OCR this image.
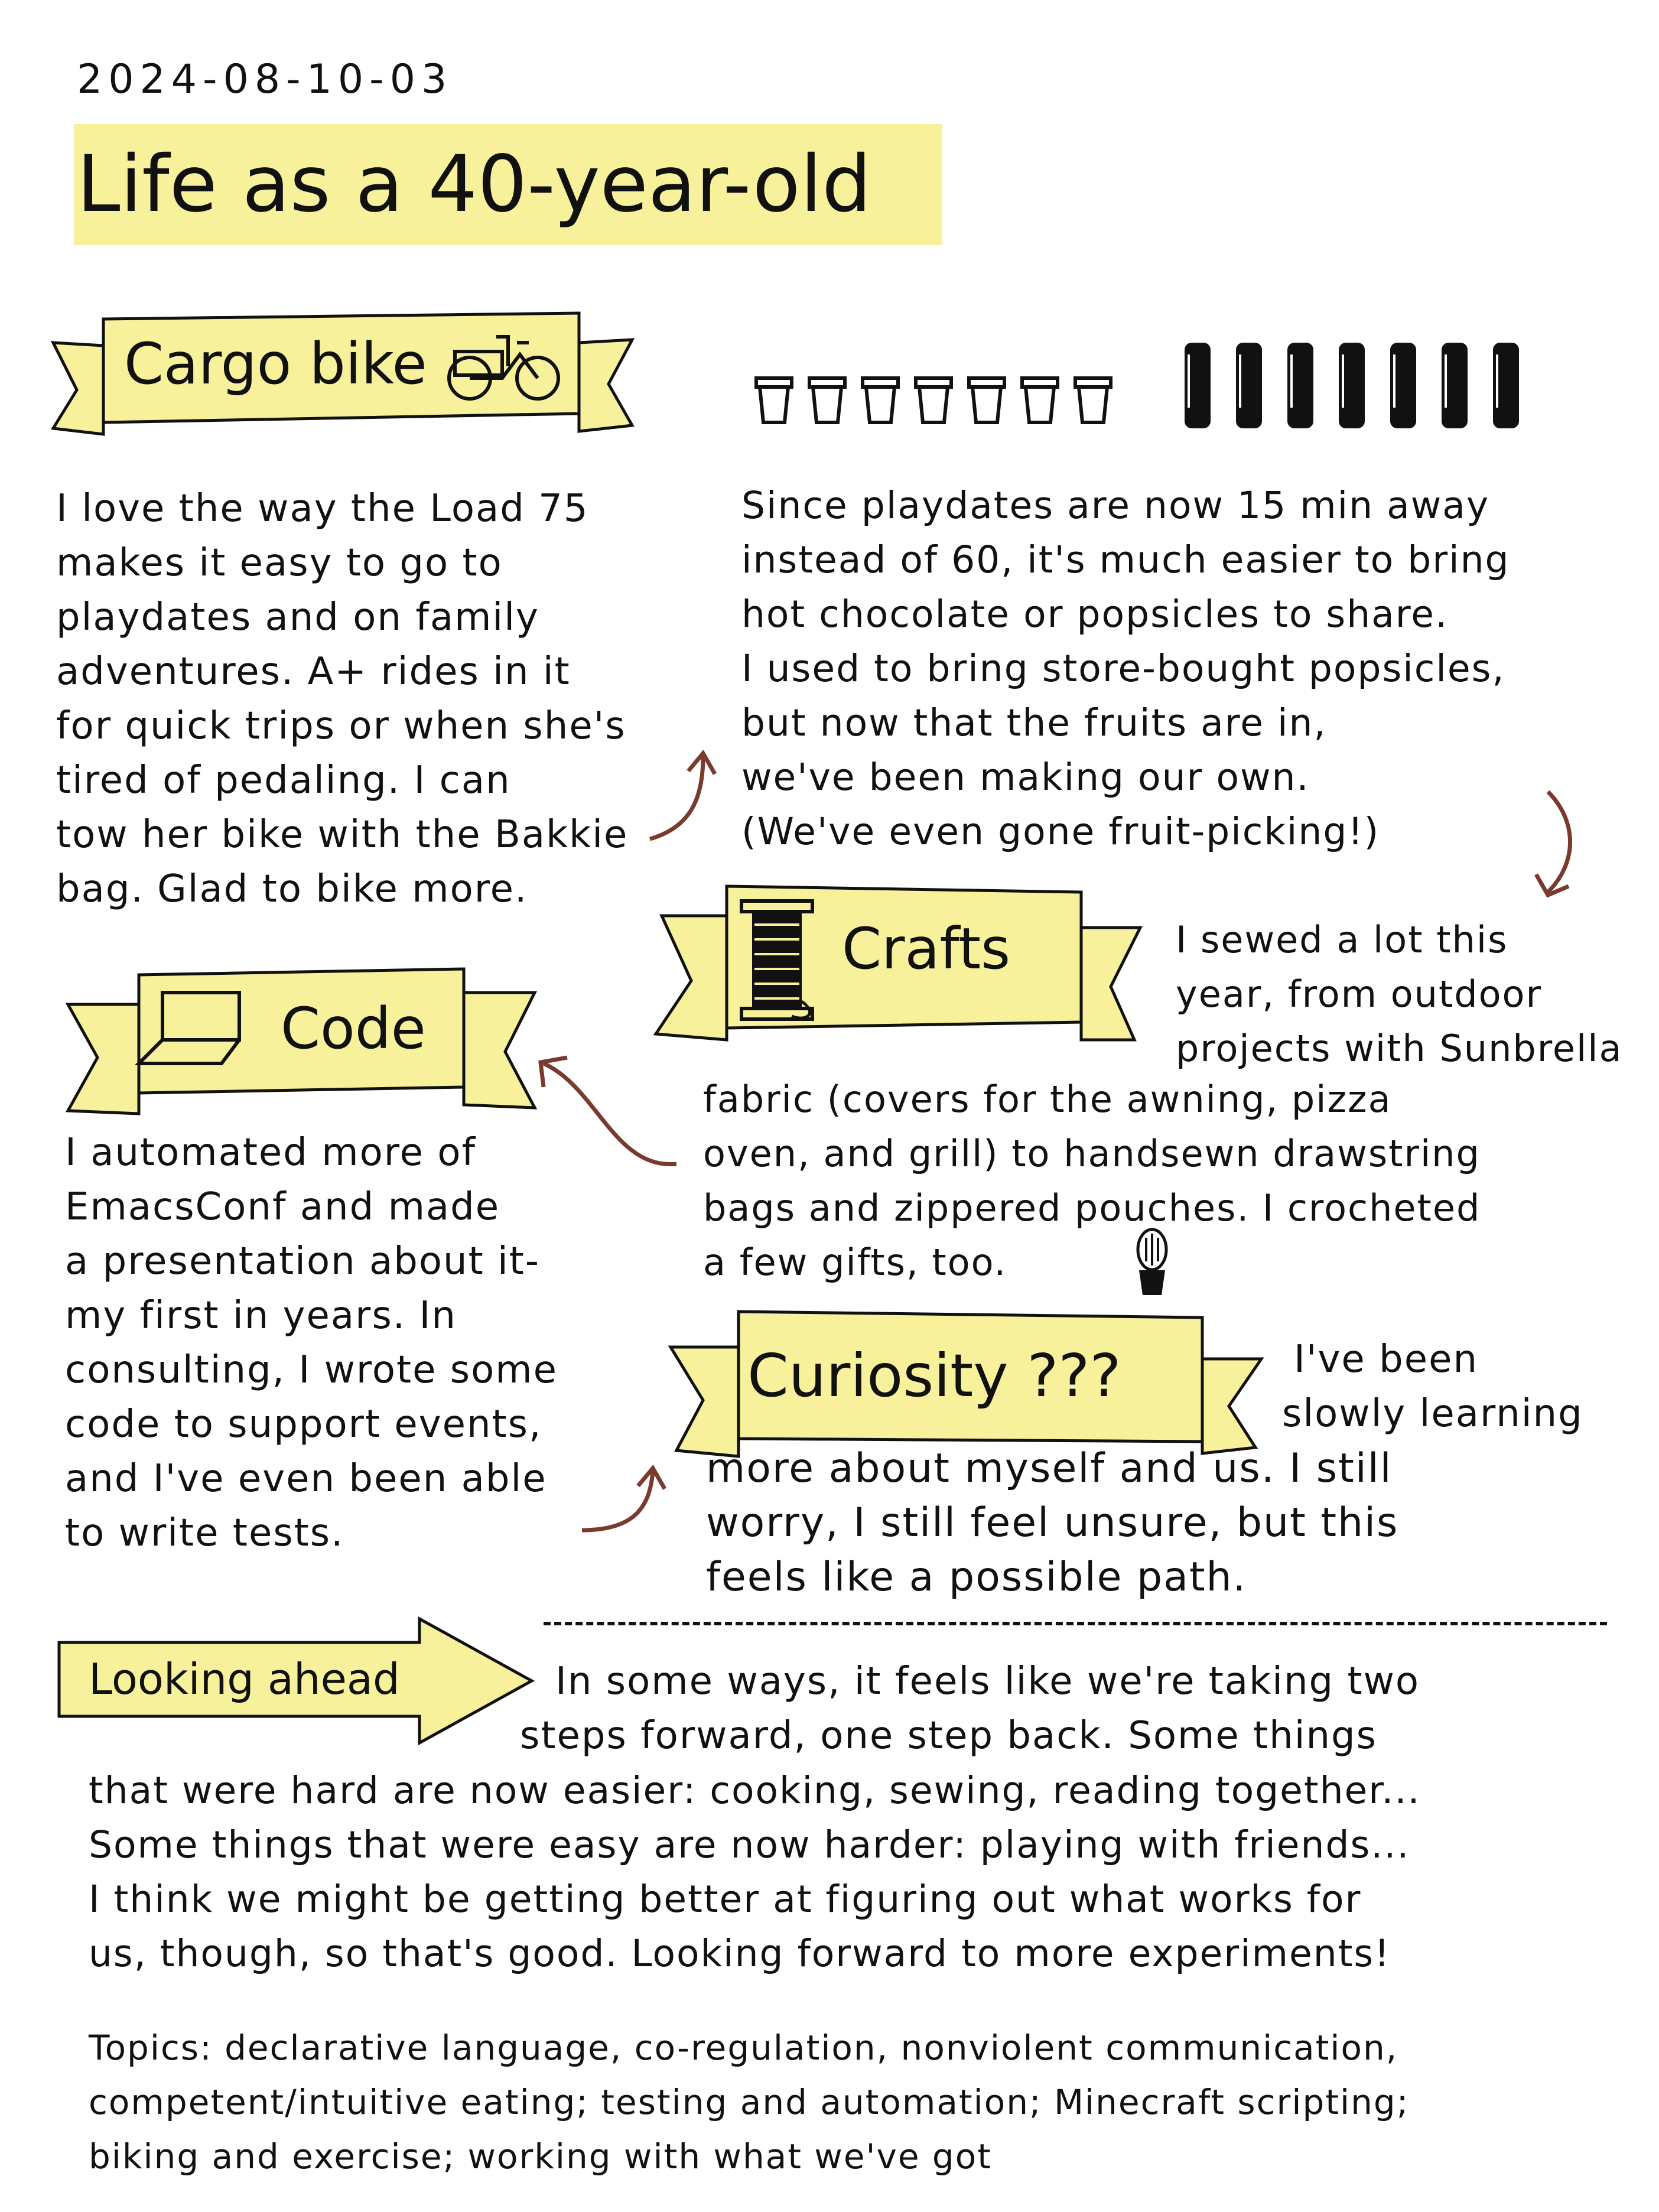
2024-08-10-03
Life as a 40-year-old
Cargo bike

I love the way the Load 75

makes it easy to go to

playdates and on family

adventures. A+ rides in it

for quick trips or when she's

tired of pedaling. I can

tow her bike with the Bakkie

bag. Glad to bike more.

Since playdates are now 15 min away

instead of 60, it's much easier to bring

hot chocolate or popsicles to share.

I used to bring store-bought popsicles,

but now that the fruits are in,

we've been making our own.

(We've even gone fruit-picking!)

Crafts	I sewed a lot this

year, from outdoor

projects with Sunbrella

fabric (covers for the awning, pizza

oven, and grill) to handsewn drawstring

bags and zippered pouches. I crocheted

a few gifts, too.

Code

I automated more of

EmacsConf and made

a presentation about it-

my first in years. In

consulting, I wrote some

code to support events,

and I've even been able

to write tests.

Curiosity ???	I've been

slowly learning

more about myself and us. I still

worry, I still feel unsure, but this

feels like a possible path.

Looking ahead	In some ways, it feels like we're taking two

steps forward, one step back. Some things

that were hard are now easier: cooking, sewing, reading together...

Some things that were easy are now harder: playing with friends...

I think we might be getting better at figuring out what works for

us, though, so that's good. Looking forward to more experiments!

Topics: declarative language, co-regulation, nonviolent communication,

competent/intuitive eating; testing and automation; Minecraft scripting;

biking and exercise; working with what we've got
